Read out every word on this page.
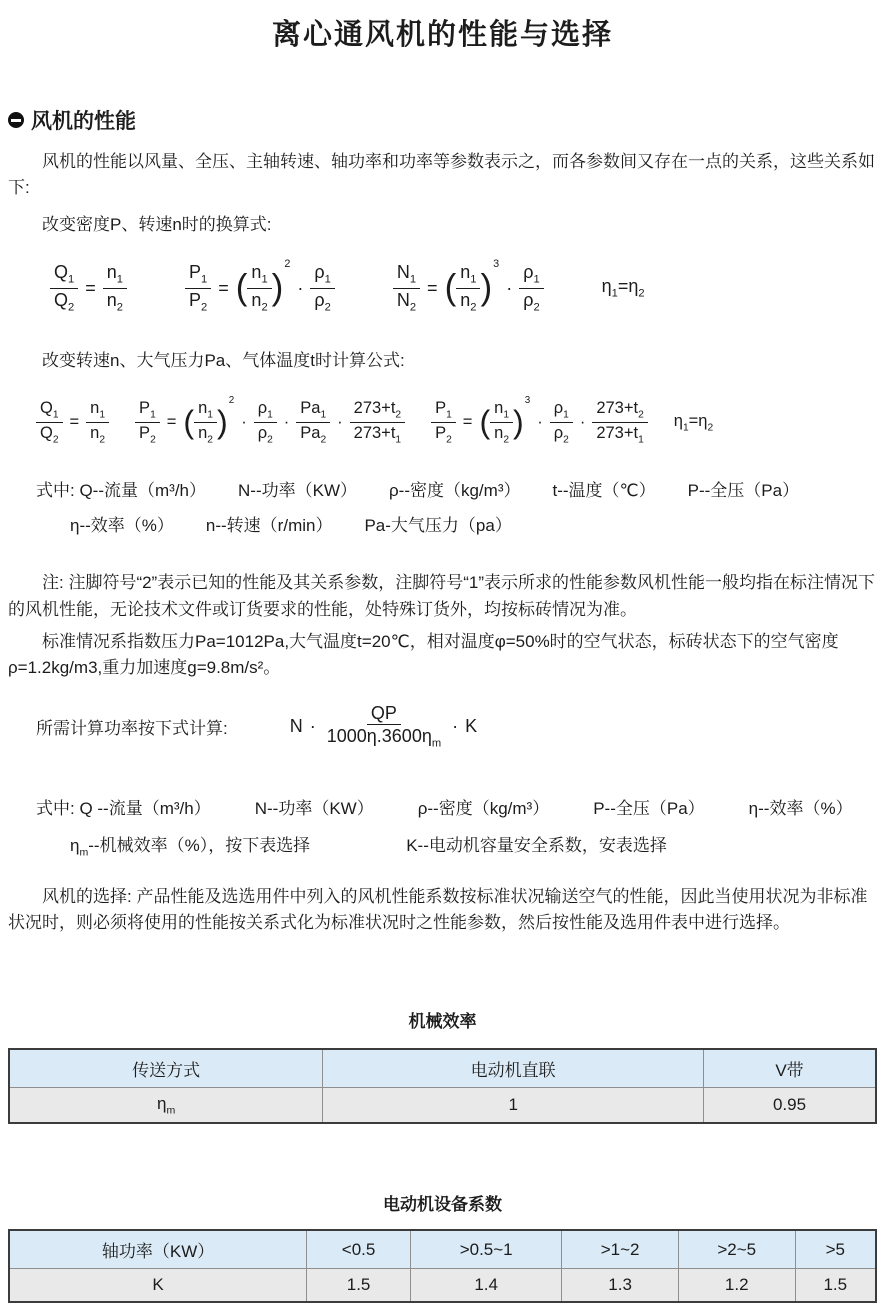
离心通风机的性能与选择
风机的性能

风机的性能以风量、全压、主轴转速、轴功率和功率等参数表示之，而各参数间又存在一点的关系，这些关系如下:

改变密度P、转速n时的换算式:

$\frac{Q_1}{Q_2} = \frac{n_1}{n_2}$	$\frac{P_1}{P_2}$ = ( $\frac{n_1}{n_2}$ )
2
· $\frac{\rho_1}{\rho_2}$	$\frac{N_1}{N_2}$ = ( $\frac{n_1}{n_2}$ )
3
· $\frac{\rho_1}{\rho_2}$	$\eta_1=\eta_2$

改变转速n、大气压力Pa、气体温度t时计算公式:

$\frac{Q_1}{Q_2} = \frac{n_1}{n_2} \frac{P_1}{P_2}$ = ( $\frac{n_1}{n_2}$ )
2
· $\frac{\rho_1}{\rho_2} \cdot \frac{Pa_1}{Pa_2} \cdot \frac{273+t_2}{273+t_1} \frac{P_1}{P_2}$ = ( $\frac{n_1}{n_2}$ )
3
· $\frac{\rho_1}{\rho_2} \cdot \frac{273+t_2}{273+t_1} \eta_1=\eta_2$
式中: Q--流量（m³/h） N--功率（KW） ρ--密度（kg/m³） t--温度（℃） P--全压（Pa）
η--效率（%） n--转速（r/min） Pa-大气压力（pa）

注: 注脚符号“2”表示已知的性能及其关系参数，注脚符号“1”表示所求的性能参数风机性能一般均指在标注情况下的风机性能，无论技术文件或订货要求的性能，处特殊订货外，均按标砖情况为准。

标准情况系指数压力Pa=1012Pa,大气温度t=20℃，相对温度φ=50%时的空气状态，标砖状态下的空气密度ρ=1.2kg/m3,重力加速度g=9.8m/s²。

所需计算功率按下式计算:	$N \cdot \frac{QP}{1000\eta.3600\eta_m} \cdot K$
式中: Q --流量（m³/h）	N--功率（KW）	ρ--密度（kg/m³）	P--全压（Pa）	η--效率（%）
$\eta_m--$机械效率（%），按下表选择	K--电动机容量安全系数，安表选择

风机的选择: 产品性能及选选用件中列入的风机性能系数按标准状况输送空气的性能，因此当使用状况为非标准状况时，则必须将使用的性能按关系式化为标准状况时之性能参数，然后按性能及选用件表中进行选择。

机械效率
传送方式	电动机直联	V带
$\eta_m$	1	0.95
电动机设备系数
轴功率（KW）	<0.5	>0.5~1	>1~2	>2~5	>5
K	1.5	1.4	1.3	1.2	1.5
